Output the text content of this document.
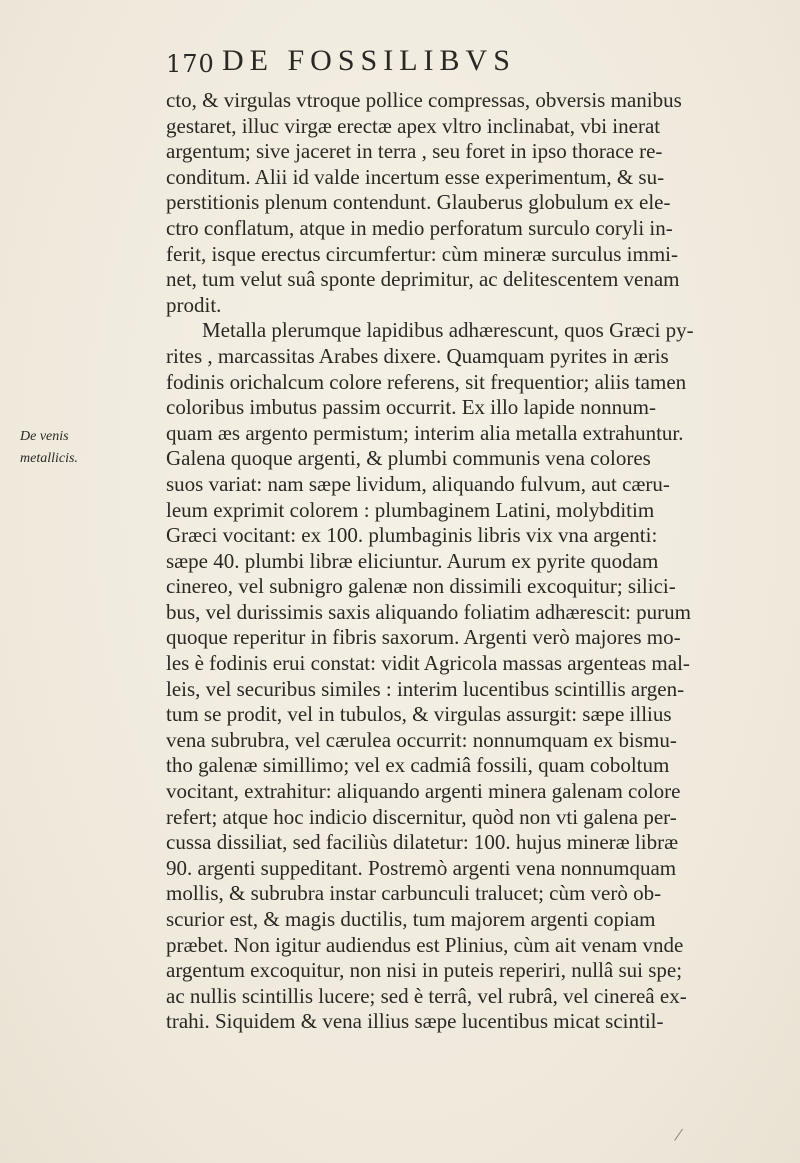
170 DE FOSSILIBVS
De venis
metallicis.
cto, & virgulas vtroque pollice compressas, obversis manibus
gestaret, illuc virgæ erectæ apex vltro inclinabat, vbi inerat
argentum; sive jaceret in terra , seu foret in ipso thorace re-
conditum. Alii id valde incertum esse experimentum, & su-
perstitionis plenum contendunt. Glauberus globulum ex ele-
ctro conflatum, atque in medio perforatum surculo coryli in-
ferit, isque erectus circumfertur: cùm mineræ surculus immi-
net, tum velut suâ sponte deprimitur, ac delitescentem venam
prodit.
Metalla plerumque lapidibus adhærescunt, quos Græci py-
rites , marcassitas Arabes dixere. Quamquam pyrites in æris
fodinis orichalcum colore referens, sit frequentior; aliis tamen
coloribus imbutus passim occurrit. Ex illo lapide nonnum-
quam æs argento permistum; interim alia metalla extrahuntur.
Galena quoque argenti, & plumbi communis vena colores
suos variat: nam sæpe lividum, aliquando fulvum, aut cæru-
leum exprimit colorem : plumbaginem Latini, molybditim
Græci vocitant: ex 100. plumbaginis libris vix vna argenti:
sæpe 40. plumbi libræ eliciuntur. Aurum ex pyrite quodam
cinereo, vel subnigro galenæ non dissimili excoquitur; silici-
bus, vel durissimis saxis aliquando foliatim adhærescit: purum
quoque reperitur in fibris saxorum. Argenti verò majores mo-
les è fodinis erui constat: vidit Agricola massas argenteas mal-
leis, vel securibus similes : interim lucentibus scintillis argen-
tum se prodit, vel in tubulos, & virgulas assurgit: sæpe illius
vena subrubra, vel cærulea occurrit: nonnumquam ex bismu-
tho galenæ simillimo; vel ex cadmiâ fossili, quam coboltum
vocitant, extrahitur: aliquando argenti minera galenam colore
refert; atque hoc indicio discernitur, quòd non vti galena per-
cussa dissiliat, sed faciliùs dilatetur: 100. hujus mineræ libræ
90. argenti suppeditant. Postremò argenti vena nonnumquam
mollis, & subrubra instar carbunculi tralucet; cùm verò ob-
scurior est, & magis ductilis, tum majorem argenti copiam
præbet. Non igitur audiendus est Plinius, cùm ait venam vnde
argentum excoquitur, non nisi in puteis reperiri, nullâ sui spe;
ac nullis scintillis lucere; sed è terrâ, vel rubrâ, vel cinereâ ex-
trahi. Siquidem & vena illius sæpe lucentibus micat scintil-
